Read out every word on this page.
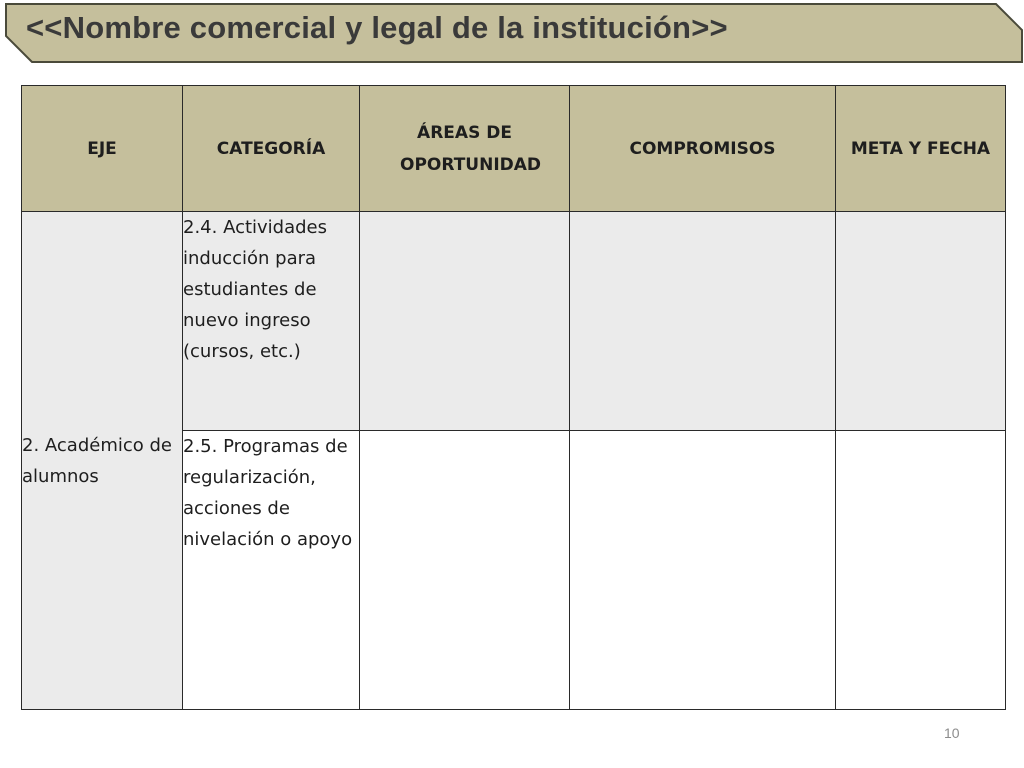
<<Nombre comercial y legal de la institución>>
EJE	CATEGORÍA	ÁREAS DE OPORTUNIDAD	COMPROMISOS	META Y FECHA
2. Académico de alumnos	2.4. Actividades inducción para estudiantes de nuevo ingreso (cursos, etc.)			
	2.5. Programas de regularización, acciones de nivelación o apoyo			
10
